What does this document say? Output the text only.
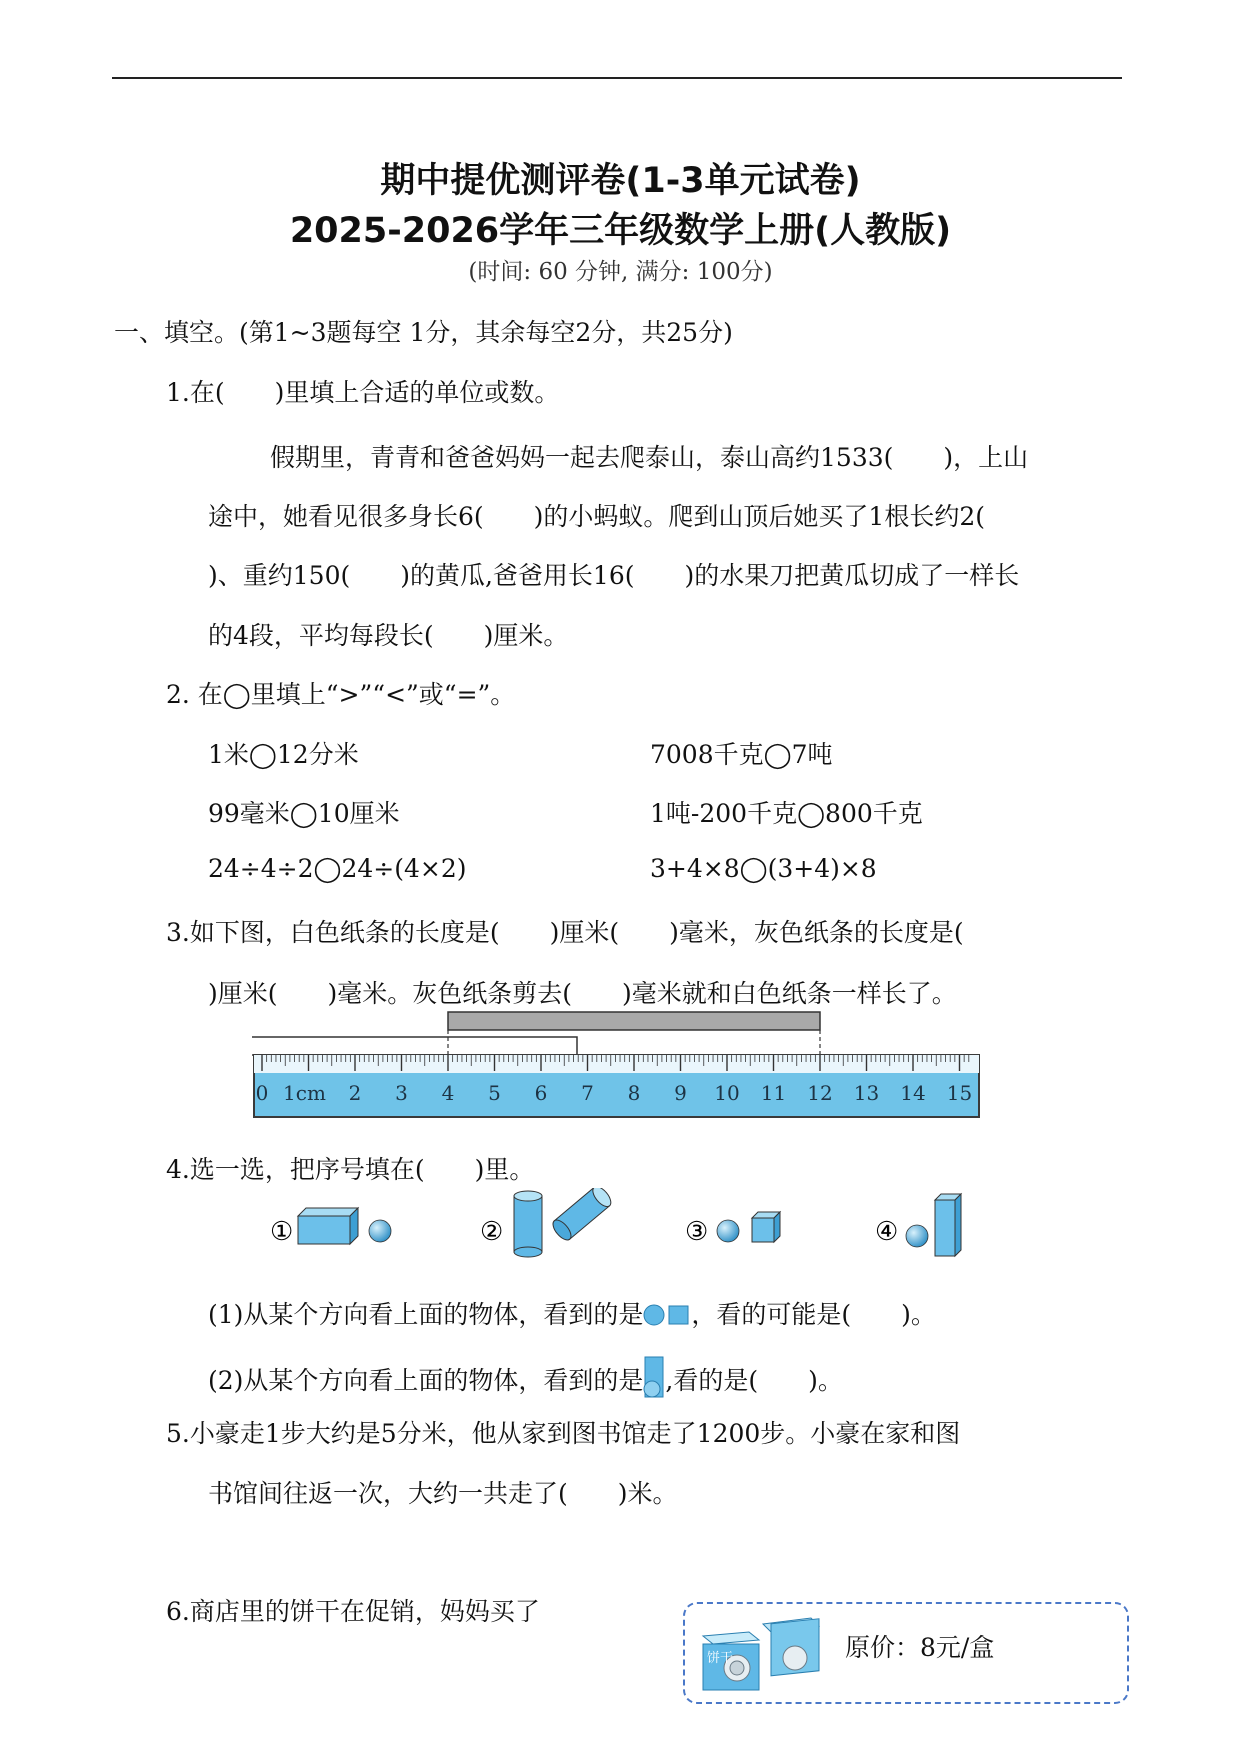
期中提优测评卷(1-3单元试卷)
2025-2026学年三年级数学上册(人教版)
(时间: 60 分钟, 满分: 100分)
一、填空。(第1~3题每空 1分，其余每空2分，共25分)
1.在(　　)里填上合适的单位或数。
假期里，青青和爸爸妈妈一起去爬泰山，泰山高约1533(　　)，上山
途中，她看见很多身长6(　　)的小蚂蚁。爬到山顶后她买了1根长约2(
)、重约150(　　)的黄瓜,爸爸用长16(　　)的水果刀把黄瓜切成了一样长
的4段，平均每段长(　　)厘米。
2. 在◯里填上“>”“<”或“=”。
1米◯12分米	7008千克◯7吨
99毫米◯10厘米	1吨-200千克◯800千克
24÷4÷2◯24÷(4×2)	3+4×8◯(3+4)×8
3.如下图，白色纸条的长度是(　　)厘米(　　)毫米，灰色纸条的长度是(
)厘米(　　)毫米。灰色纸条剪去(　　)毫米就和白色纸条一样长了。
0 1cm 2 3 4 5 6 7 8 9 10 11 12 13 14 15
4.选一选，把序号填在(　　)里。
①	②	③	④
(1)从某个方向看上面的物体，看到的是 ，看的可能是(　　)。
(2)从某个方向看上面的物体，看到的是 ,看的是(　　)。
5.小豪走1步大约是5分米，他从家到图书馆走了1200步。小豪在家和图
书馆间往返一次，大约一共走了(　　)米。
6.商店里的饼干在促销，妈妈买了
饼干	原价：8元/盒
